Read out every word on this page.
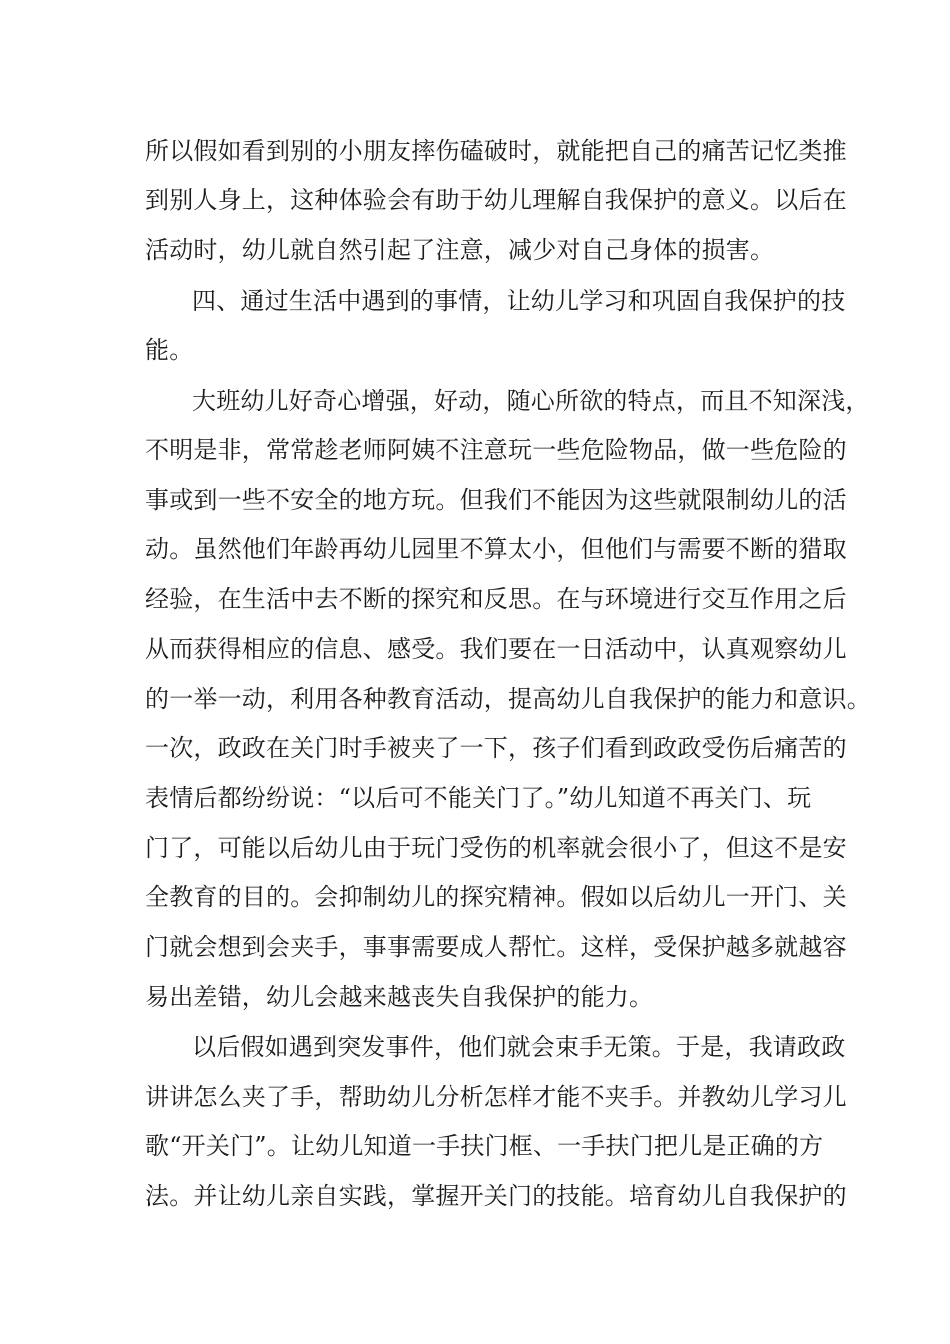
所以假如看到别的小朋友摔伤磕破时，就能把自己的痛苦记忆类推
到别人身上，这种体验会有助于幼儿理解自我保护的意义。以后在
活动时，幼儿就自然引起了注意，减少对自己身体的损害。
四、通过生活中遇到的事情，让幼儿学习和巩固自我保护的技
能。
大班幼儿好奇心增强，好动，随心所欲的特点，而且不知深浅，
不明是非，常常趁老师阿姨不注意玩一些危险物品，做一些危险的
事或到一些不安全的地方玩。但我们不能因为这些就限制幼儿的活
动。虽然他们年龄再幼儿园里不算太小，但他们与需要不断的猎取
经验，在生活中去不断的探究和反思。在与环境进行交互作用之后
从而获得相应的信息、感受。我们要在一日活动中，认真观察幼儿
的一举一动，利用各种教育活动，提高幼儿自我保护的能力和意识。
一次，政政在关门时手被夹了一下，孩子们看到政政受伤后痛苦的
表情后都纷纷说：“以后可不能关门了。”幼儿知道不再关门、玩
门了，可能以后幼儿由于玩门受伤的机率就会很小了，但这不是安
全教育的目的。会抑制幼儿的探究精神。假如以后幼儿一开门、关
门就会想到会夹手，事事需要成人帮忙。这样，受保护越多就越容
易出差错，幼儿会越来越丧失自我保护的能力。
以后假如遇到突发事件，他们就会束手无策。于是，我请政政
讲讲怎么夹了手，帮助幼儿分析怎样才能不夹手。并教幼儿学习儿
歌“开关门”。让幼儿知道一手扶门框、一手扶门把儿是正确的方
法。并让幼儿亲自实践，掌握开关门的技能。培育幼儿自我保护的
